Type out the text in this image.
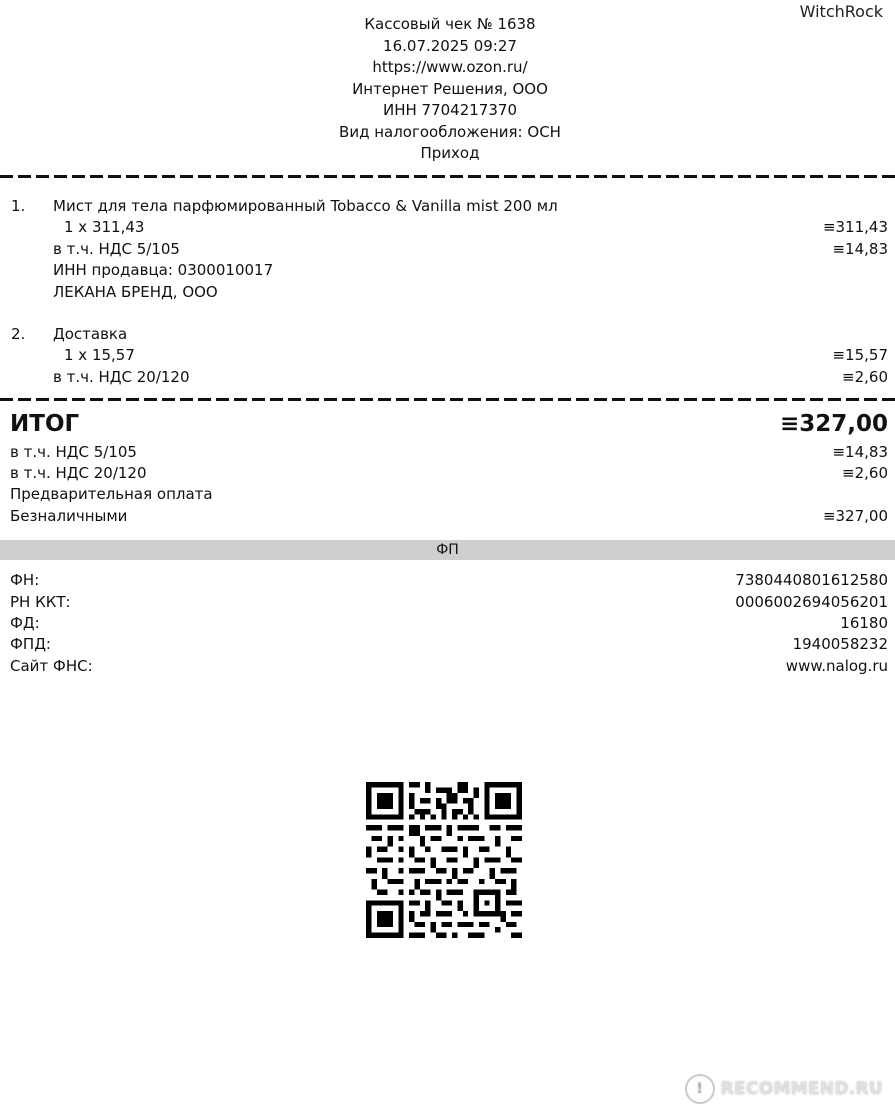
WitchRock
Кассовый чек № 1638
16.07.2025 09:27
https://www.ozon.ru/
Интернет Решения, ООО
ИНН 7704217370
Вид налогообложения: ОСН
Приход
1. Мист для тела парфюмированный Tobacco & Vanilla mist 200 мл
1 x 311,43	≡311,43
в т.ч. НДС 5/105	≡14,83
ИНН продавца: 0300010017
ЛЕКАНА БРЕНД, ООО
2. Доставка
1 x 15,57	≡15,57
в т.ч. НДС 20/120	≡2,60
ИТОГ	≡327,00
в т.ч. НДС 5/105	≡14,83
в т.ч. НДС 20/120	≡2,60
Предварительная оплата
Безналичными	≡327,00
ФП
ФН:	7380440801612580
РН ККТ:	0006002694056201
ФД:	16180
ФПД:	1940058232
Сайт ФНС:	www.nalog.ru
!	RECOMMEND.RU
